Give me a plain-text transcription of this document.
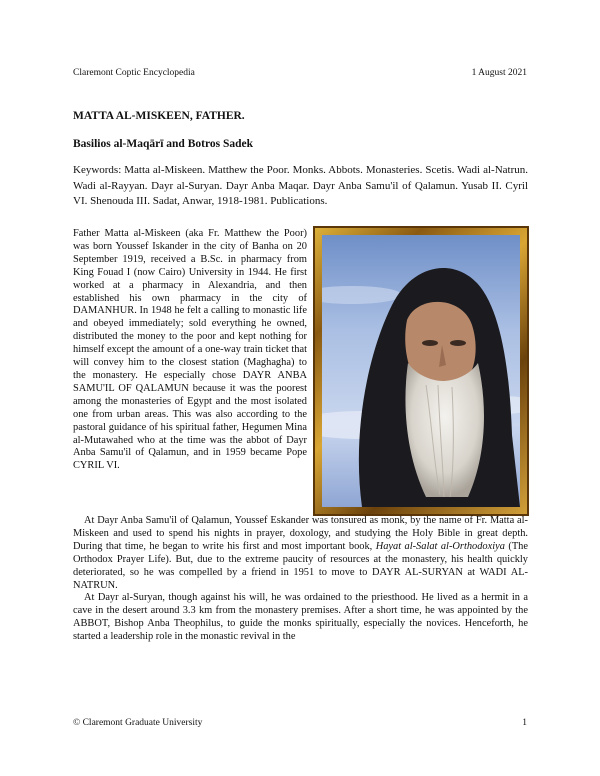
Claremont Coptic Encyclopedia	1 August 2021
MATTA AL-MISKEEN, FATHER.
Basilios al-Maqārī and Botros Sadek
Keywords: Matta al-Miskeen. Matthew the Poor. Monks. Abbots. Monasteries. Scetis. Wadi al-Natrun. Wadi al-Rayyan. Dayr al-Suryan. Dayr Anba Maqar. Dayr Anba Samu'il of Qalamun. Yusab II. Cyril VI. Shenouda III. Sadat, Anwar, 1918-1981. Publications.
Father Matta al-Miskeen (aka Fr. Matthew the Poor) was born Youssef Iskander in the city of Banha on 20 September 1919, received a B.Sc. in pharmacy from King Fouad I (now Cairo) University in 1944. He first worked at a pharmacy in Alexandria, and then established his own pharmacy in the city of DAMANHUR. In 1948 he felt a calling to monastic life and obeyed immediately; sold everything he owned, distributed the money to the poor and kept nothing for himself except the amount of a one-way train ticket that will convey him to the closest station (Maghagha) to the monastery. He especially chose DAYR ANBA SAMU'IL OF QALAMUN because it was the poorest among the monasteries of Egypt and the most isolated one from urban areas. This was also according to the pastoral guidance of his spiritual father, Hegumen Mina al-Mutawahed who at the time was the abbot of Dayr Anba Samu'il of Qalamun, and in 1959 became Pope CYRIL VI.
At Dayr Anba Samu'il of Qalamun, Youssef Eskander was tonsured as monk, by the name of Fr. Matta al-Miskeen and used to spend his nights in prayer, doxology, and studying the Holy Bible in great depth. During that time, he began to write his first and most important book, Hayat al-Salat al-Orthodoxiya (The Orthodox Prayer Life). But, due to the extreme paucity of resources at the monastery, his health quickly deteriorated, so he was compelled by a friend in 1951 to move to DAYR AL-SURYAN at WADI AL-NATRUN.
At Dayr al-Suryan, though against his will, he was ordained to the priesthood. He lived as a hermit in a cave in the desert around 3.3 km from the monastery premises. After a short time, he was appointed by the ABBOT, Bishop Anba Theophilus, to guide the monks spiritually, especially the novices. Henceforth, he started a leadership role in the monastic revival in the
© Claremont Graduate University	1
